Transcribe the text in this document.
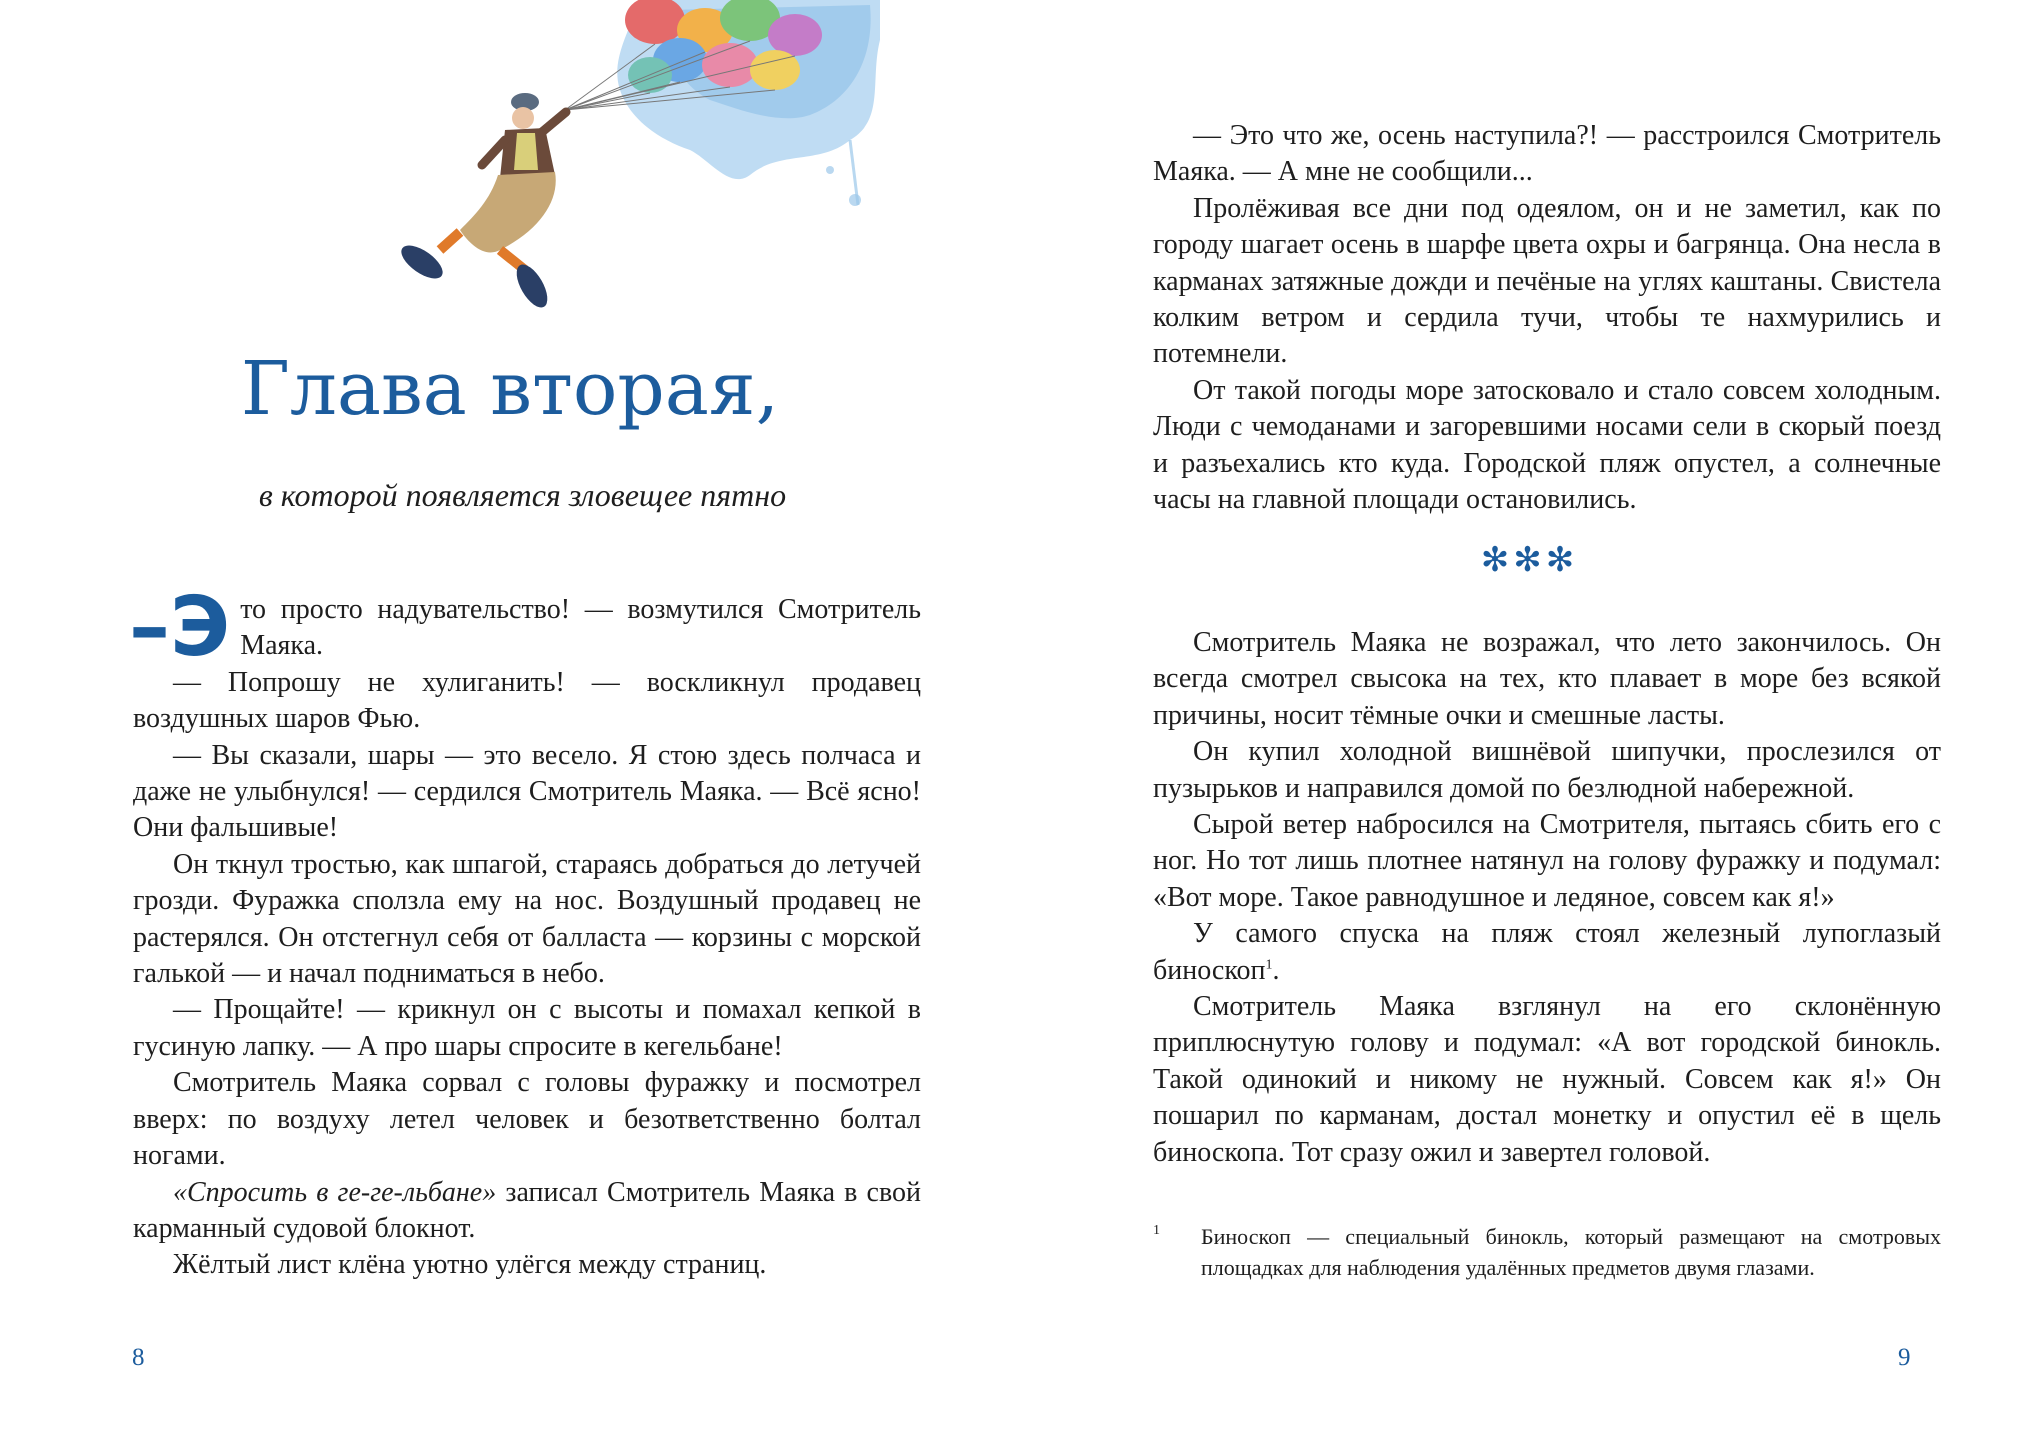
Глава вторая,
в которой появляется зловещее пятно

–Э то просто надувательство! — возмутился Смотритель Маяка.

— Попрошу не хулиганить! — воскликнул продавец воздушных шаров Фью.

— Вы сказали, шары — это весело. Я стою здесь полчаса и даже не улыбнулся! — сердился Смотритель Маяка. — Всё ясно! Они фальшивые!

Он ткнул тростью, как шпагой, стараясь добраться до летучей грозди. Фуражка сползла ему на нос. Воздушный продавец не растерялся. Он отстегнул себя от балласта — корзины с морской галькой — и начал подниматься в небо.

— Прощайте! — крикнул он с высоты и помахал кепкой в гусиную лапку. — А про шары спросите в кегельбане!

Смотритель Маяка сорвал с головы фуражку и посмотрел вверх: по воздуху летел человек и безответственно болтал ногами.

«Спросить в ге-ге-льбане» записал Смотритель Маяка в свой карманный судовой блокнот.

Жёлтый лист клёна уютно улёгся между страниц.

8

— Это что же, осень наступила?! — расстроился Смотритель Маяка. — А мне не сообщили...

Пролёживая все дни под одеялом, он и не заметил, как по городу шагает осень в шарфе цвета охры и багрянца. Она несла в карманах затяжные дожди и печёные на углях каштаны. Свистела колким ветром и сердила тучи, чтобы те нахмурились и потемнели.

От такой погоды море затосковало и стало совсем холодным. Люди с чемоданами и загоревшими носами сели в скорый поезд и разъехались кто куда. Городской пляж опустел, а солнечные часы на главной площади остановились.

✻✻✻

Смотритель Маяка не возражал, что лето закончилось. Он всегда смотрел свысока на тех, кто плавает в море без всякой причины, носит тёмные очки и смешные ласты.

Он купил холодной вишнёвой шипучки, прослезился от пузырьков и направился домой по безлюдной набережной.

Сырой ветер набросился на Смотрителя, пытаясь сбить его с ног. Но тот лишь плотнее натянул на голову фуражку и подумал: «Вот море. Такое равнодушное и ледяное, совсем как я!»

У самого спуска на пляж стоял железный лупоглазый биноскоп$^1$.

Смотритель Маяка взглянул на его склонённую приплюснутую голову и подумал: «А вот городской бинокль. Такой одинокий и никому не нужный. Совсем как я!» Он пошарил по карманам, достал монетку и опустил её в щель биноскопа. Тот сразу ожил и завертел головой.

1 Биноскоп — специальный бинокль, который размещают на смотровых площадках для наблюдения удалённых предметов двумя глазами.
9
